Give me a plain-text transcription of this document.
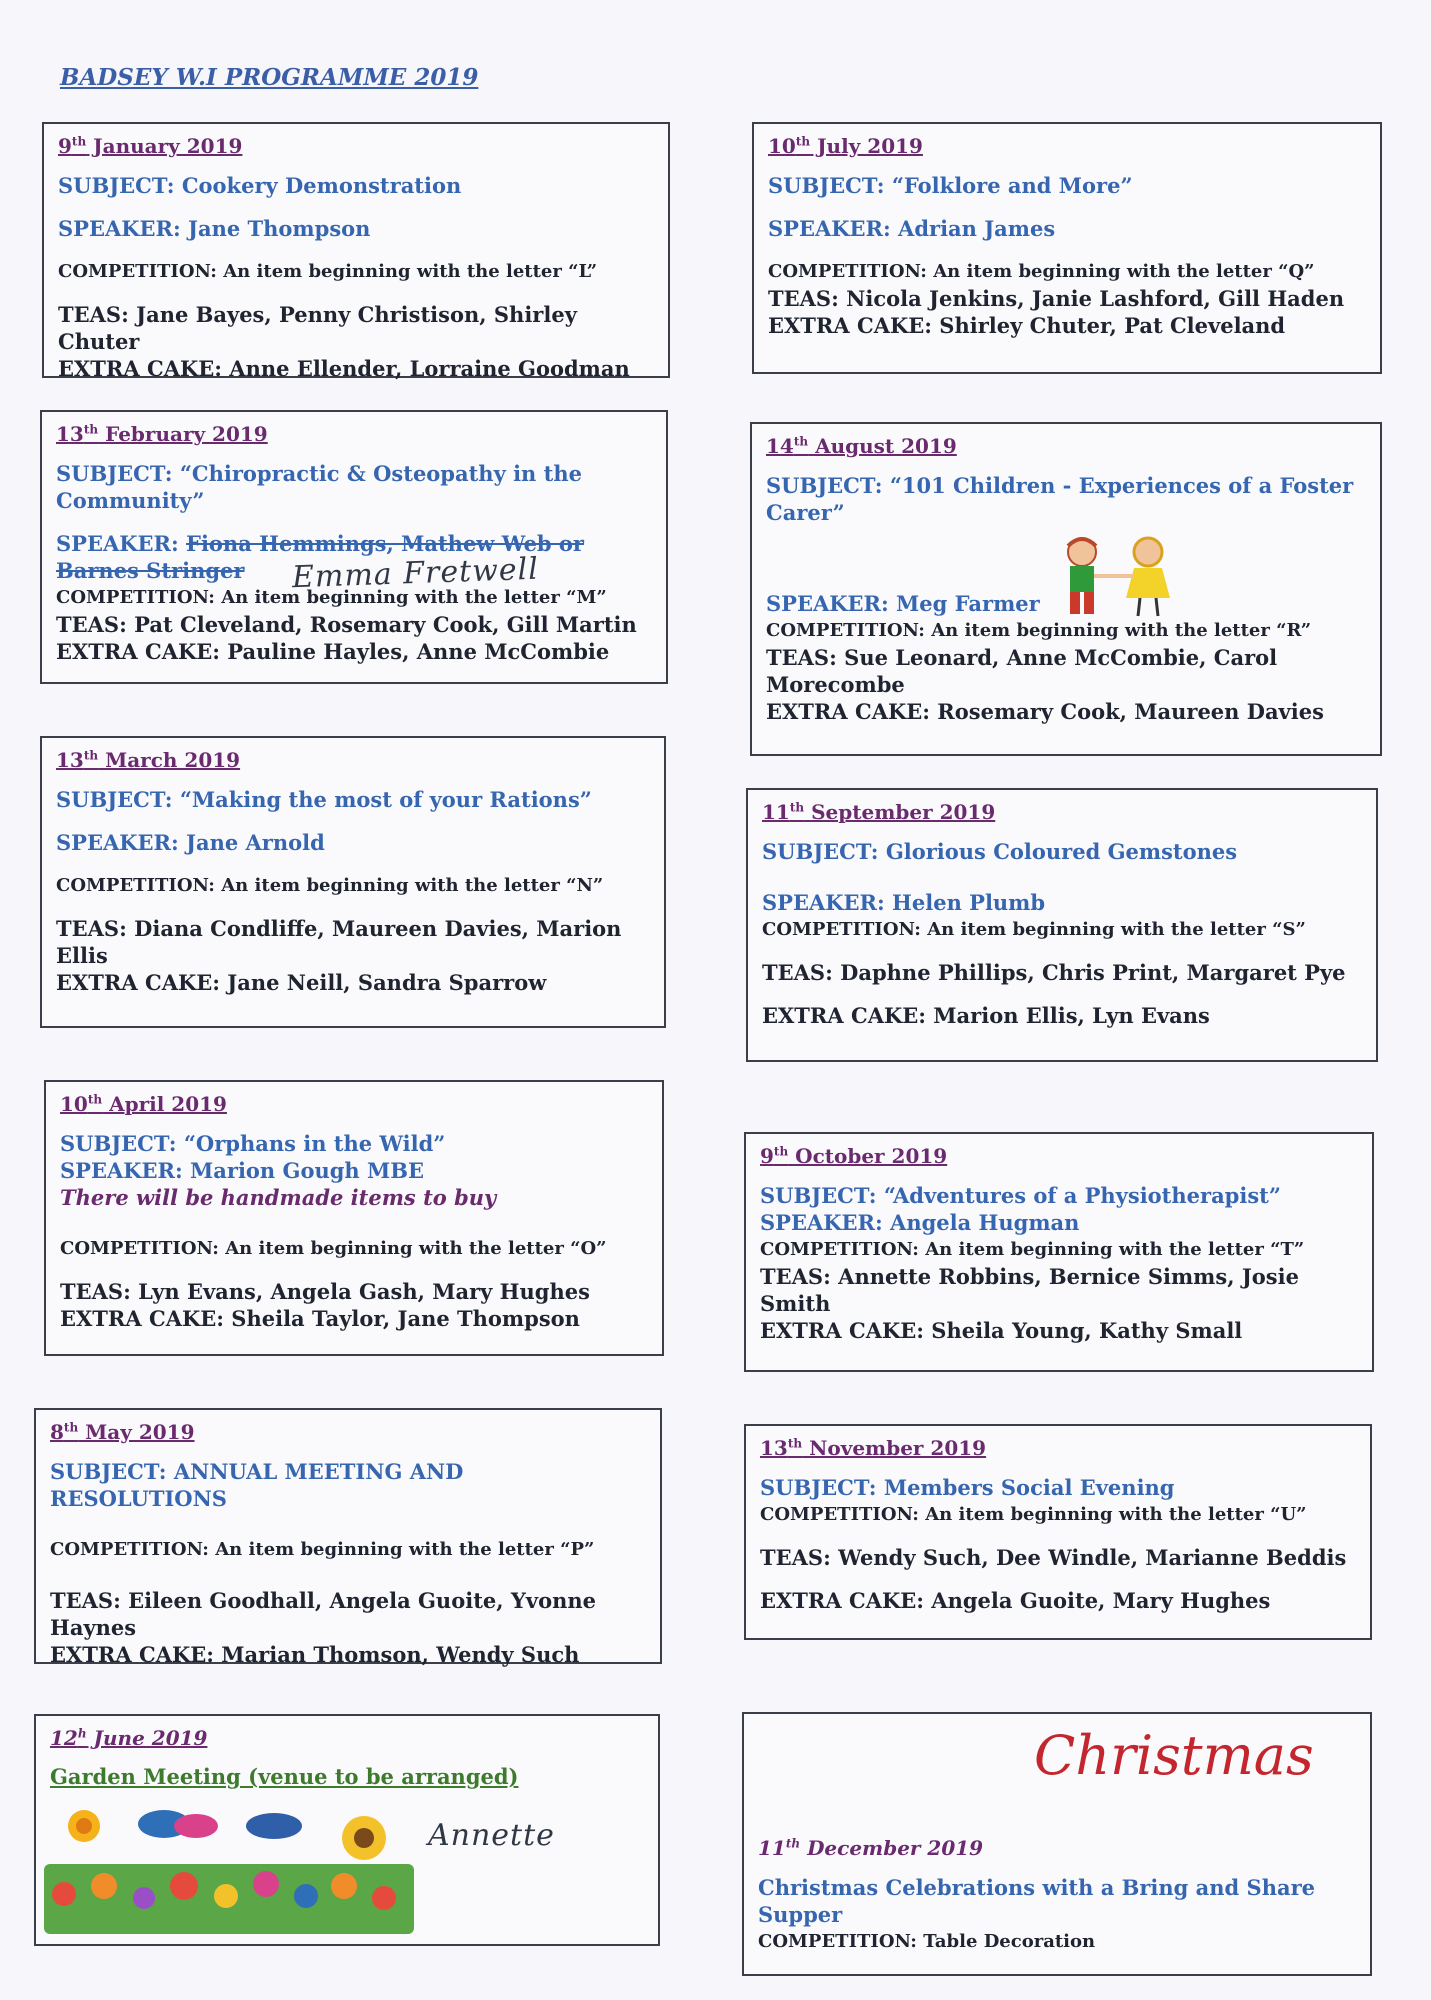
BADSEY W.I PROGRAMME 2019
9th January 2019

SUBJECT: Cookery Demonstration

SPEAKER: Jane Thompson

COMPETITION: An item beginning with the letter “L”

TEAS: Jane Bayes, Penny Christison, Shirley Chuter

EXTRA CAKE: Anne Ellender, Lorraine Goodman

13th February 2019

SUBJECT: “Chiropractic & Osteopathy in the Community”

SPEAKER: Fiona Hemmings, Mathew Web or Barnes Stringer

COMPETITION: An item beginning with the letter “M”

TEAS: Pat Cleveland, Rosemary Cook, Gill Martin

EXTRA CAKE: Pauline Hayles, Anne McCombie

Emma Fretwell
13th March 2019

SUBJECT: “Making the most of your Rations”

SPEAKER: Jane Arnold

COMPETITION: An item beginning with the letter “N”

TEAS: Diana Condliffe, Maureen Davies, Marion Ellis

EXTRA CAKE: Jane Neill, Sandra Sparrow

10th April 2019

SUBJECT: “Orphans in the Wild”

SPEAKER: Marion Gough MBE

There will be handmade items to buy

COMPETITION: An item beginning with the letter “O”

TEAS: Lyn Evans, Angela Gash, Mary Hughes

EXTRA CAKE: Sheila Taylor, Jane Thompson

8th May 2019

SUBJECT: ANNUAL MEETING AND RESOLUTIONS

COMPETITION: An item beginning with the letter “P”

TEAS: Eileen Goodhall, Angela Guoite, Yvonne Haynes

EXTRA CAKE: Marian Thomson, Wendy Such

12$^h$ June 2019

Garden Meeting (venue to be arranged)

Annette
10th July 2019

SUBJECT: “Folklore and More”

SPEAKER: Adrian James

COMPETITION: An item beginning with the letter “Q”

TEAS: Nicola Jenkins, Janie Lashford, Gill Haden

EXTRA CAKE: Shirley Chuter, Pat Cleveland

14th August 2019

SUBJECT: “101 Children - Experiences of a Foster Carer”

SPEAKER: Meg Farmer

COMPETITION: An item beginning with the letter “R”

TEAS: Sue Leonard, Anne McCombie, Carol Morecombe

EXTRA CAKE: Rosemary Cook, Maureen Davies

11th September 2019

SUBJECT: Glorious Coloured Gemstones

SPEAKER: Helen Plumb

COMPETITION: An item beginning with the letter “S”

TEAS: Daphne Phillips, Chris Print, Margaret Pye

EXTRA CAKE: Marion Ellis, Lyn Evans

9th October 2019

SUBJECT: “Adventures of a Physiotherapist”

SPEAKER: Angela Hugman

COMPETITION: An item beginning with the letter “T”

TEAS: Annette Robbins, Bernice Simms, Josie Smith

EXTRA CAKE: Sheila Young, Kathy Small

13th November 2019

SUBJECT: Members Social Evening

COMPETITION: An item beginning with the letter “U”

TEAS: Wendy Such, Dee Windle, Marianne Beddis

EXTRA CAKE: Angela Guoite, Mary Hughes

Christmas
11th December 2019

Christmas Celebrations with a Bring and Share Supper

COMPETITION: Table Decoration
